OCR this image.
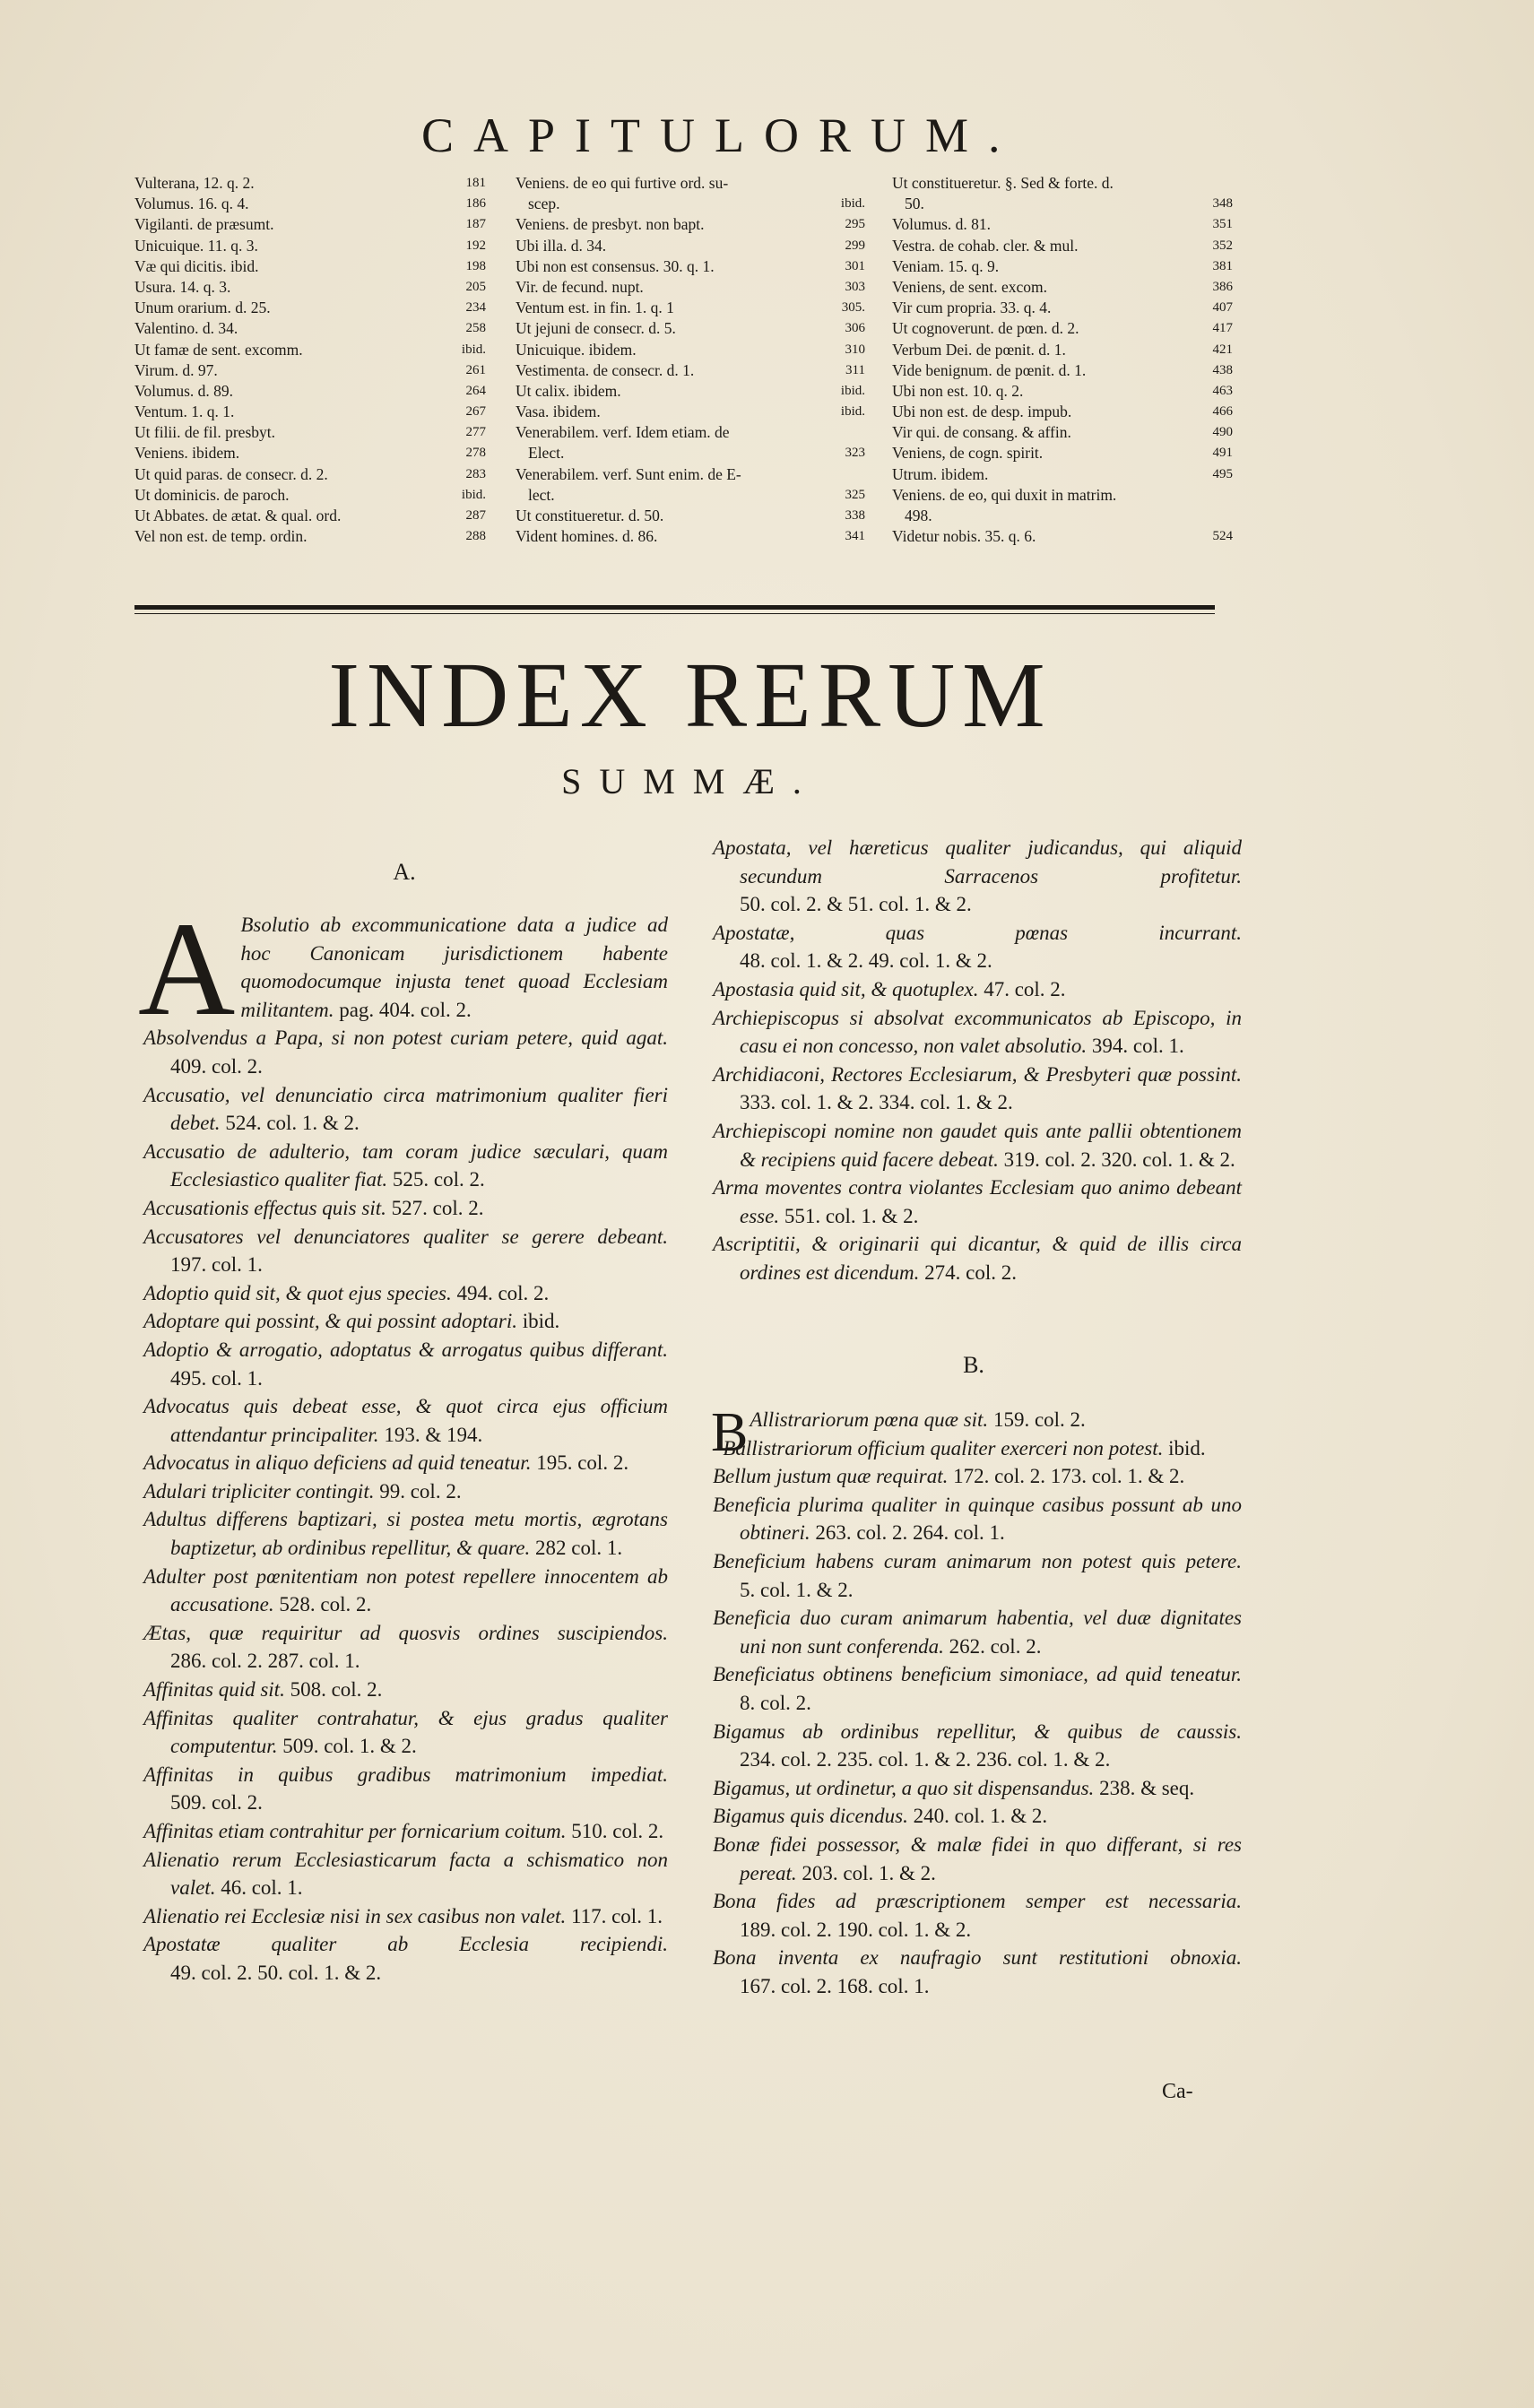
CAPITULORUM.
Vulterana, 12. q. 2.	181
Volumus. 16. q. 4.	186
Vigilanti. de præsumt.	187
Unicuique. 11. q. 3.	192
Væ qui dicitis. ibid.	198
Usura. 14. q. 3.	205
Unum orarium. d. 25.	234
Valentino. d. 34.	258
Ut famæ de sent. excomm.	ibid.
Virum. d. 97.	261
Volumus. d. 89.	264
Ventum. 1. q. 1.	267
Ut filii. de fil. presbyt.	277
Veniens. ibidem.	278
Ut quid paras. de consecr. d. 2.	283
Ut dominicis. de paroch.	ibid.
Ut Abbates. de ætat. & qual. ord.	287
Vel non est. de temp. ordin.	288
Veniens. de eo qui furtive ord. su-
scep.	ibid.
Veniens. de presbyt. non bapt.	295
Ubi illa. d. 34.	299
Ubi non est consensus. 30. q. 1.	301
Vir. de fecund. nupt.	303
Ventum est. in fin. 1. q. 1	305.
Ut jejuni de consecr. d. 5.	306
Unicuique. ibidem.	310
Vestimenta. de consecr. d. 1.	311
Ut calix. ibidem.	ibid.
Vasa. ibidem.	ibid.
Venerabilem. verf. Idem etiam. de
Elect.	323
Venerabilem. verf. Sunt enim. de E-
lect.	325
Ut constitueretur. d. 50.	338
Vident homines. d. 86.	341
Ut constitueretur. §. Sed & forte. d.
50.	348
Volumus. d. 81.	351
Vestra. de cohab. cler. & mul.	352
Veniam. 15. q. 9.	381
Veniens, de sent. excom.	386
Vir cum propria. 33. q. 4.	407
Ut cognoverunt. de pœn. d. 2.	417
Verbum Dei. de pœnit. d. 1.	421
Vide benignum. de pœnit. d. 1.	438
Ubi non est. 10. q. 2.	463
Ubi non est. de desp. impub.	466
Vir qui. de consang. & affin.	490
Veniens, de cogn. spirit.	491
Utrum. ibidem.	495
Veniens. de eo, qui duxit in matrim.
498.
Videtur nobis. 35. q. 6.	524
INDEX RERUM
SUMMÆ.
A.

A Bsolutio ab excommunicatione data a judice ad hoc Canonicam jurisdictionem habente quomodocumque injusta tenet quoad Ecclesiam militantem. pag. 404. col. 2.

Absolvendus a Papa, si non potest curiam petere, quid agat. 409. col. 2.

Accusatio, vel denunciatio circa matrimonium qualiter fieri debet. 524. col. 1. & 2.

Accusatio de adulterio, tam coram judice sæculari, quam Ecclesiastico qualiter fiat. 525. col. 2.

Accusationis effectus quis sit. 527. col. 2.

Accusatores vel denunciatores qualiter se gerere debeant. 197. col. 1.

Adoptio quid sit, & quot ejus species. 494. col. 2.

Adoptare qui possint, & qui possint adoptari. ibid.

Adoptio & arrogatio, adoptatus & arrogatus quibus differant. 495. col. 1.

Advocatus quis debeat esse, & quot circa ejus officium attendantur principaliter. 193. & 194.

Advocatus in aliquo deficiens ad quid teneatur. 195. col. 2.

Adulari tripliciter contingit. 99. col. 2.

Adultus differens baptizari, si postea metu mortis, ægrotans baptizetur, ab ordinibus repellitur, & quare. 282 col. 1.

Adulter post pœnitentiam non potest repellere innocentem ab accusatione. 528. col. 2.

Ætas, quæ requiritur ad quosvis ordines suscipiendos. 286. col. 2. 287. col. 1.

Affinitas quid sit. 508. col. 2.

Affinitas qualiter contrahatur, & ejus gradus qualiter computentur. 509. col. 1. & 2.

Affinitas in quibus gradibus matrimonium impediat. 509. col. 2.

Affinitas etiam contrahitur per fornicarium coitum. 510. col. 2.

Alienatio rerum Ecclesiasticarum facta a schismatico non valet. 46. col. 1.

Alienatio rei Ecclesiæ nisi in sex casibus non valet. 117. col. 1.

Apostatæ qualiter ab Ecclesia recipiendi. 49. col. 2. 50. col. 1. & 2.

Apostata, vel hæreticus qualiter judicandus, qui aliquid secundum Sarracenos profitetur. 50. col. 2. & 51. col. 1. & 2.

Apostatæ, quas pœnas incurrant. 48. col. 1. & 2. 49. col. 1. & 2.

Apostasia quid sit, & quotuplex. 47. col. 2.

Archiepiscopus si absolvat excommunicatos ab Episcopo, in casu ei non concesso, non valet absolutio. 394. col. 1.

Archidiaconi, Rectores Ecclesiarum, & Presbyteri quæ possint. 333. col. 1. & 2. 334. col. 1. & 2.

Archiepiscopi nomine non gaudet quis ante pallii obtentionem & recipiens quid facere debeat. 319. col. 2. 320. col. 1. & 2.

Arma moventes contra violantes Ecclesiam quo animo debeant esse. 551. col. 1. & 2.

Ascriptitii, & originarii qui dicantur, & quid de illis circa ordines est dicendum. 274. col. 2.

B.

B Allistrariorum pœna quæ sit. 159. col. 2.

Ballistrariorum officium qualiter exerceri non potest. ibid.

Bellum justum quæ requirat. 172. col. 2. 173. col. 1. & 2.

Beneficia plurima qualiter in quinque casibus possunt ab uno obtineri. 263. col. 2. 264. col. 1.

Beneficium habens curam animarum non potest quis petere. 5. col. 1. & 2.

Beneficia duo curam animarum habentia, vel duæ dignitates uni non sunt conferenda. 262. col. 2.

Beneficiatus obtinens beneficium simoniace, ad quid teneatur. 8. col. 2.

Bigamus ab ordinibus repellitur, & quibus de caussis. 234. col. 2. 235. col. 1. & 2. 236. col. 1. & 2.

Bigamus, ut ordinetur, a quo sit dispensandus. 238. & seq.

Bigamus quis dicendus. 240. col. 1. & 2.

Bonæ fidei possessor, & malæ fidei in quo differant, si res pereat. 203. col. 1. & 2.

Bona fides ad præscriptionem semper est necessaria. 189. col. 2. 190. col. 1. & 2.

Bona inventa ex naufragio sunt restitutioni obnoxia. 167. col. 2. 168. col. 1.

Ca-
